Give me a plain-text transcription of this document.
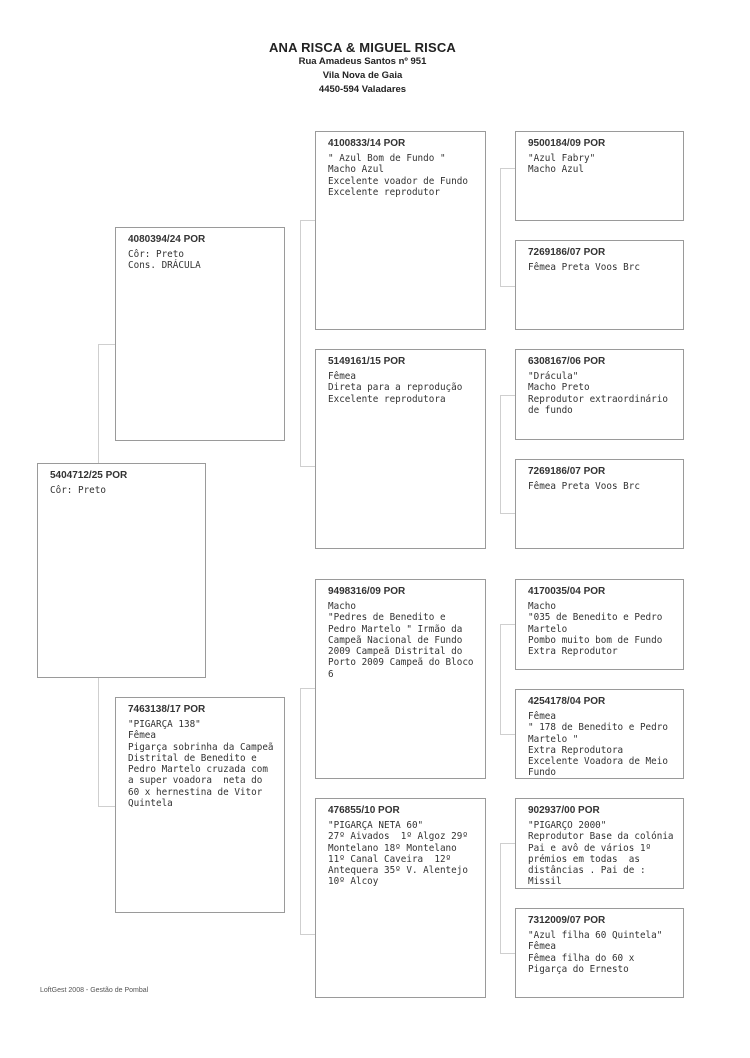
ANA RISCA & MIGUEL RISCA
Rua Amadeus Santos nº 951
Vila Nova de Gaia
4450-594 Valadares
5404712/25 POR
Côr: Preto
4080394/24 POR
Côr: Preto
Cons. DRÁCULA
7463138/17 POR
"PIGARÇA 138"
Fêmea
Pigarça sobrinha da Campeã Distrital de Benedito e Pedro Martelo cruzada com a super voadora  neta do 60 x hernestina de Vitor Quintela
4100833/14 POR
" Azul Bom de Fundo "
Macho Azul
Excelente voador de Fundo Excelente reprodutor
5149161/15 POR
Fêmea
Direta para a reprodução  Excelente reprodutora
9498316/09 POR
Macho
"Pedres de Benedito e Pedro Martelo " Irmão da Campeã Nacional de Fundo 2009 Campeã Distrital do Porto 2009 Campeã do Bloco 6
476855/10 POR
"PIGARÇA NETA 60"
27º Aivados  1º Algoz 29º Montelano 18º Montelano 11º Canal Caveira  12º Antequera 35º V. Alentejo  10º Alcoy
9500184/09 POR
"Azul Fabry"
Macho Azul
7269186/07 POR
Fêmea Preta Voos Brc
6308167/06 POR
"Drácula"
Macho Preto
Reprodutor extraordinário de fundo
7269186/07 POR
Fêmea Preta Voos Brc
4170035/04 POR
Macho
"035 de Benedito e Pedro Martelo
Pombo muito bom de Fundo    Extra Reprodutor
4254178/04 POR
Fêmea
" 178 de Benedito e Pedro Martelo "
Extra Reprodutora Excelente Voadora de Meio Fundo
902937/00 POR
"PIGARÇO 2000"
Reprodutor Base da colónia  Pai e avô de vários 1º prémios em todas  as distâncias . Pai de : Missil
7312009/07 POR
"Azul filha 60 Quintela"
Fêmea
Fêmea filha do 60 x Pigarça do Ernesto
LoftGest 2008 - Gestão de Pombal
